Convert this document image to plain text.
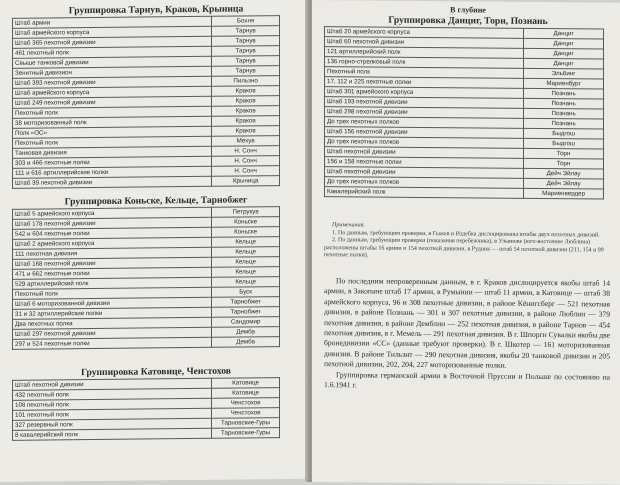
Группировка Тарнув, Краков, Крыница
Штаб армии	Бохня
Штаб армейского корпуса	Тарнув
Штаб 365 пехотной дивизии	Тарнув
461 пехотный полк	Тарнув
Свыше танковой дивизии	Тарнув
Зенитный дивизион	Тарнув
Штаб 393 пехотной дивизии	Пильзно
Штаб армейского корпуса	Краков
Штаб 249 пехотной дивизии	Краков
Пехотный полк	Краков
38 моторизованный полк	Краков
Полк «ОС»	Краков
Пехотный полк	Мехув
Танковая дивизия	Н. Сонч
303 и 466 пехотные полки	Н. Сонч
111 и 616 артиллерийские полки	Н. Сонч
Штаб 39 пехотной дивизии	Крыница
Группировка Коньске, Кельце, Тарнобжег
Штаб 5 армейского корпуса	Петрукув
Штаб 178 пехотной дивизии	Коньске
542 и 604 пехотные полки	Коньске
Штаб 2 армейского корпуса	Кельце
111 пехотная дивизия	Кельце
Штаб 168 пехотной дивизии	Кельце
471 и 662 пехотные полки	Кельце
529 артиллерийский полк	Кельце
Пехотный полк	Буск
Штаб 6 моторизованной дивизии	Тарнобжег
31 и 32 артиллерийские полки	Тарнобжег
Два пехотных полка	Сандомир
Штаб 297 пехотной дивизии	Демба
297 и 524 пехотные полки	Демба
Группировка Катовице, Ченстохов
Штаб пехотной дивизии	Катовице
432 пехотный полк	Катовице
108 пехотный полк	Ченстохов
101 пехотный полк	Ченстохов
327 резервный полк	Тарновские-Гуры
8 кавалерийский полк	Тарновские-Гуры
В глубине
Группировка Данциг, Торн, Познань
Штаб 20 армейского корпуса	Данциг
Штаб 60 пехотной дивизии	Данциг
121 артиллерийский полк	Данциг
136 горно-стрелковый полк	Данциг
Пехотный полк	Эльбинг
17, 112 и 225 пехотные полки	Мариенбург
Штаб 301 армейского корпуса	Познань
Штаб 193 пехотной дивизии	Познань
Штаб 298 пехотной дивизии	Познань
До трех пехотных полков	Познань
Штаб 156 пехотной дивизии	Быдгош
До трех пехотных полков	Быдгош
Штаб пехотной дивизии	Торн
156 и 158 пехотные полки	Торн
Штаб пехотной дивизии	Дейч Эйлау
До трех пехотных полков	Дейч Эйлау
Кавалерийский полк	Мариенвердер
Примечания.

1. По данным, требующим проверки, в Гыжев и Издебка дислоцированы штабы двух пехотных дивизий.

2. По данным, требующим проверки (показания перебежчика), в Ульянове (юго-восточнее Люблина) расположены штабы 16 армии и 154 пехотной дивизии, в Рудник — штаб 54 пехотной дивизии (211, 154 и 99 пехотные полки).

По последним непроверенным данным, в г. Краков дислоцируется якобы штаб 14 армии, в Закопане штаб 17 армии, в Румынии — штаб 11 армии, в Катовице — штаб 38 армейского корпуса, 96 и 308 пехотные дивизии, в районе Кёнигсберг — 521 пехотная дивизия, в районе Познань — 301 и 307 пехотные дивизии, в районе Люблин — 379 пехотная дивизия, в районе Демблин — 252 пехотная дивизия, в районе Тарнов — 454 пехотная дивизия, в г. Мемель — 291 пехотная дивизия. В г. Шпоргн Сувалки якобы две бронедивизии «СС» (данные требуют проверки). В г. Шкотер — 161 моторизованная дивизия. В районе Тильзит — 290 пехотная дивизия, якобы 20 танковой дивизии и 205 пехотной дивизии, 202, 204, 227 моторизованные полки.

Группировка германской армии в Восточной Пруссии и Польше по состоянию на 1.6.1941 г.
